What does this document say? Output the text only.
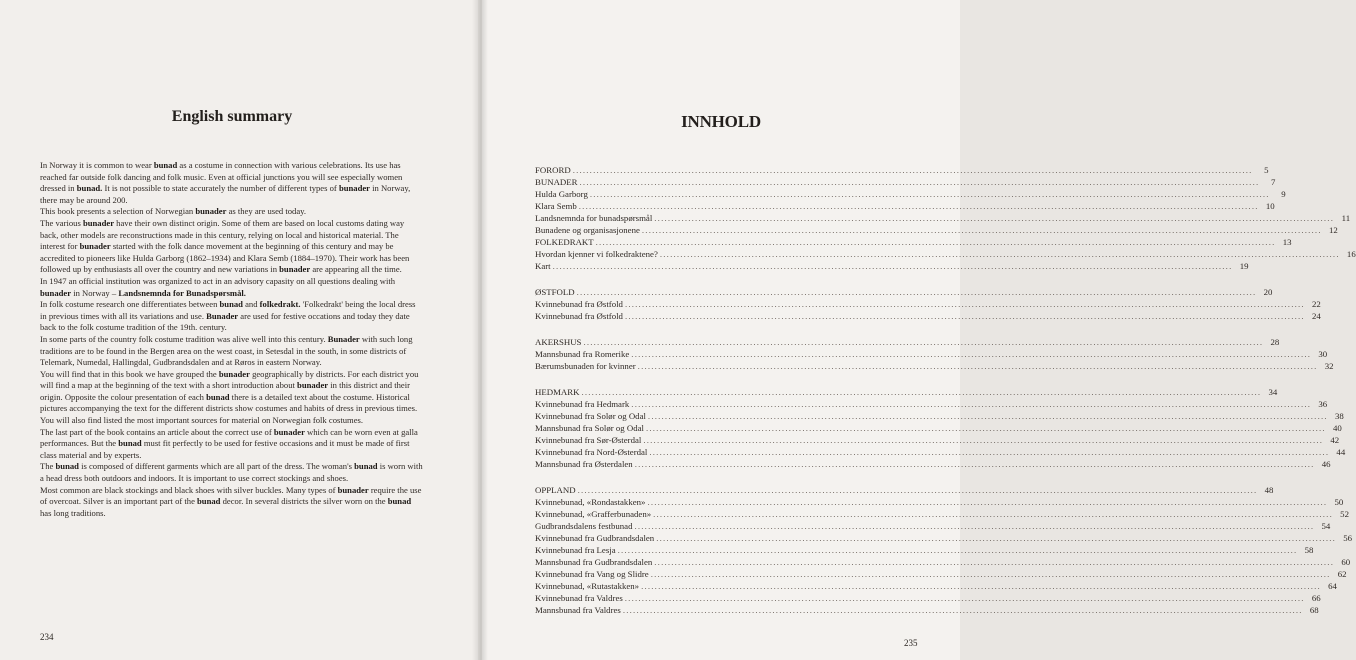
English summary

In Norway it is common to wear bunad as a costume in connection with various celebrations. Its use has reached far outside folk dancing and folk music. Even at official junctions you will see especially women dressed in bunad. It is not possible to state accurately the number of different types of bunader in Norway, there may be around 200.

This book presents a selection of Norwegian bunader as they are used today.

The various bunader have their own distinct origin. Some of them are based on local customs dating way back, other models are reconstructions made in this century, relying on local and historical material. The interest for bunader started with the folk dance movement at the beginning of this century and may be accredited to pioneers like Hulda Garborg (1862–1934) and Klara Semb (1884–1970). Their work has been followed up by enthusiasts all over the country and new variations in bunader are appearing all the time.

In 1947 an official institution was organized to act in an advisory capasity on all questions dealing with bunader in Norway – Landsnemnda for Bunadspørsmål.

In folk costume research one differentiates between bunad and folkedrakt. 'Folkedrakt' being the local dress in previous times with all its variations and use. Bunader are used for festive occations and today they date back to the folk costume tradition of the 19th. century.

In some parts of the country folk costume tradition was alive well into this century. Bunader with such long traditions are to be found in the Bergen area on the west coast, in Setesdal in the south, in some districts of Telemark, Numedal, Hallingdal, Gudbrandsdalen and at Røros in eastern Norway.

You will find that in this book we have grouped the bunader geographically by districts. For each district you will find a map at the beginning of the text with a short introduction about bunader in this district and their origin. Opposite the colour presentation of each bunad there is a detailed text about the costume. Historical pictures accompanying the text for the different districts show costumes and habits of dress in previous times. You will also find listed the most important sources for material on Norwegian folk costumes.

The last part of the book contains an article about the correct use of bunader which can be worn even at galla performances. But the bunad must fit perfectly to be used for festive occasions and it must be made of first class material and by experts.

The bunad is composed of different garments which are all part of the dress. The woman's bunad is worn with a head dress both outdoors and indoors. It is important to use correct stockings and shoes.

Most common are black stockings and black shoes with silver buckles. Many types of bunader require the use of overcoat. Silver is an important part of the bunad decor. In several districts the silver worn on the bunad has long traditions.

234
INNHOLD
FORORD ........................................................................................................................................................................................................	5
BUNADER ........................................................................................................................................................................................................	7
Hulda Garborg ........................................................................................................................................................................................................	9
Klara Semb ........................................................................................................................................................................................................ 10
Landsnemnda for bunadspørsmål ........................................................................................................................................................................................................ 11
Bunadene og organisasjonene ........................................................................................................................................................................................................ 12
FOLKEDRAKT ........................................................................................................................................................................................................ 13
Hvordan kjenner vi folkedraktene? ........................................................................................................................................................................................................ 16
Kart ........................................................................................................................................................................................................ 19
ØSTFOLD ........................................................................................................................................................................................................ 20
Kvinnebunad fra Østfold ........................................................................................................................................................................................................ 22
Kvinnebunad fra Østfold ........................................................................................................................................................................................................ 24
AKERSHUS ........................................................................................................................................................................................................ 28
Mannsbunad fra Romerike ........................................................................................................................................................................................................ 30
Bærumsbunaden for kvinner ........................................................................................................................................................................................................ 32
HEDMARK ........................................................................................................................................................................................................ 34
Kvinnebunad fra Hedmark ........................................................................................................................................................................................................ 36
Kvinnebunad fra Solør og Odal ........................................................................................................................................................................................................ 38
Mannsbunad fra Solør og Odal ........................................................................................................................................................................................................ 40
Kvinnebunad fra Sør-Østerdal ........................................................................................................................................................................................................ 42
Kvinnebunad fra Nord-Østerdal ........................................................................................................................................................................................................ 44
Mannsbunad fra Østerdalen ........................................................................................................................................................................................................ 46
OPPLAND ........................................................................................................................................................................................................ 48
Kvinnebunad, «Rondastakken» ........................................................................................................................................................................................................ 50
Kvinnebunad, «Grafferbunaden» ........................................................................................................................................................................................................ 52
Gudbrandsdalens festbunad ........................................................................................................................................................................................................ 54
Kvinnebunad fra Gudbrandsdalen ........................................................................................................................................................................................................ 56
Kvinnebunad fra Lesja ........................................................................................................................................................................................................ 58
Mannsbunad fra Gudbrandsdalen ........................................................................................................................................................................................................ 60
Kvinnebunad fra Vang og Slidre ........................................................................................................................................................................................................ 62
Kvinnebunad, «Rutastakken» ........................................................................................................................................................................................................ 64
Kvinnebunad fra Valdres ........................................................................................................................................................................................................ 66
Mannsbunad fra Valdres ........................................................................................................................................................................................................ 68
235
